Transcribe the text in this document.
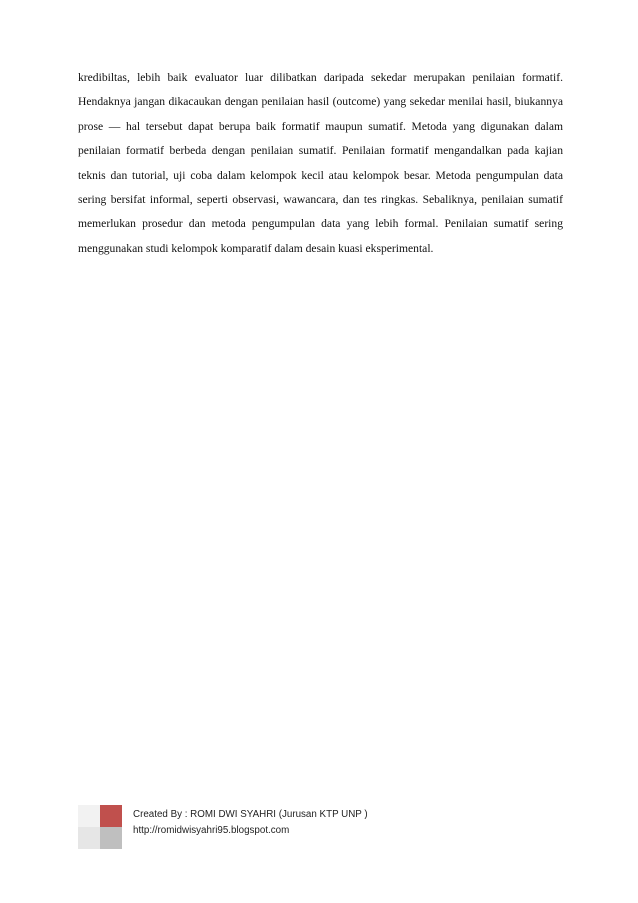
kredibiltas, lebih baik evaluator luar dilibatkan daripada sekedar merupakan penilaian formatif. Hendaknya jangan dikacaukan dengan penilaian hasil (outcome) yang sekedar menilai hasil, biukannya prose — hal tersebut dapat berupa baik formatif maupun sumatif. Metoda yang digunakan dalam penilaian formatif berbeda dengan penilaian sumatif. Penilaian formatif mengandalkan pada kajian teknis dan tutorial, uji coba dalam kelompok kecil atau kelompok besar. Metoda pengumpulan data sering bersifat informal, seperti observasi, wawancara, dan tes ringkas. Sebaliknya, penilaian sumatif memerlukan prosedur dan metoda pengumpulan data yang lebih formal. Penilaian sumatif sering menggunakan studi kelompok komparatif dalam desain kuasi eksperimental.

Created By : ROMI DWI SYAHRI (Jurusan KTP UNP )
http://romidwisyahri95.blogspot.com
